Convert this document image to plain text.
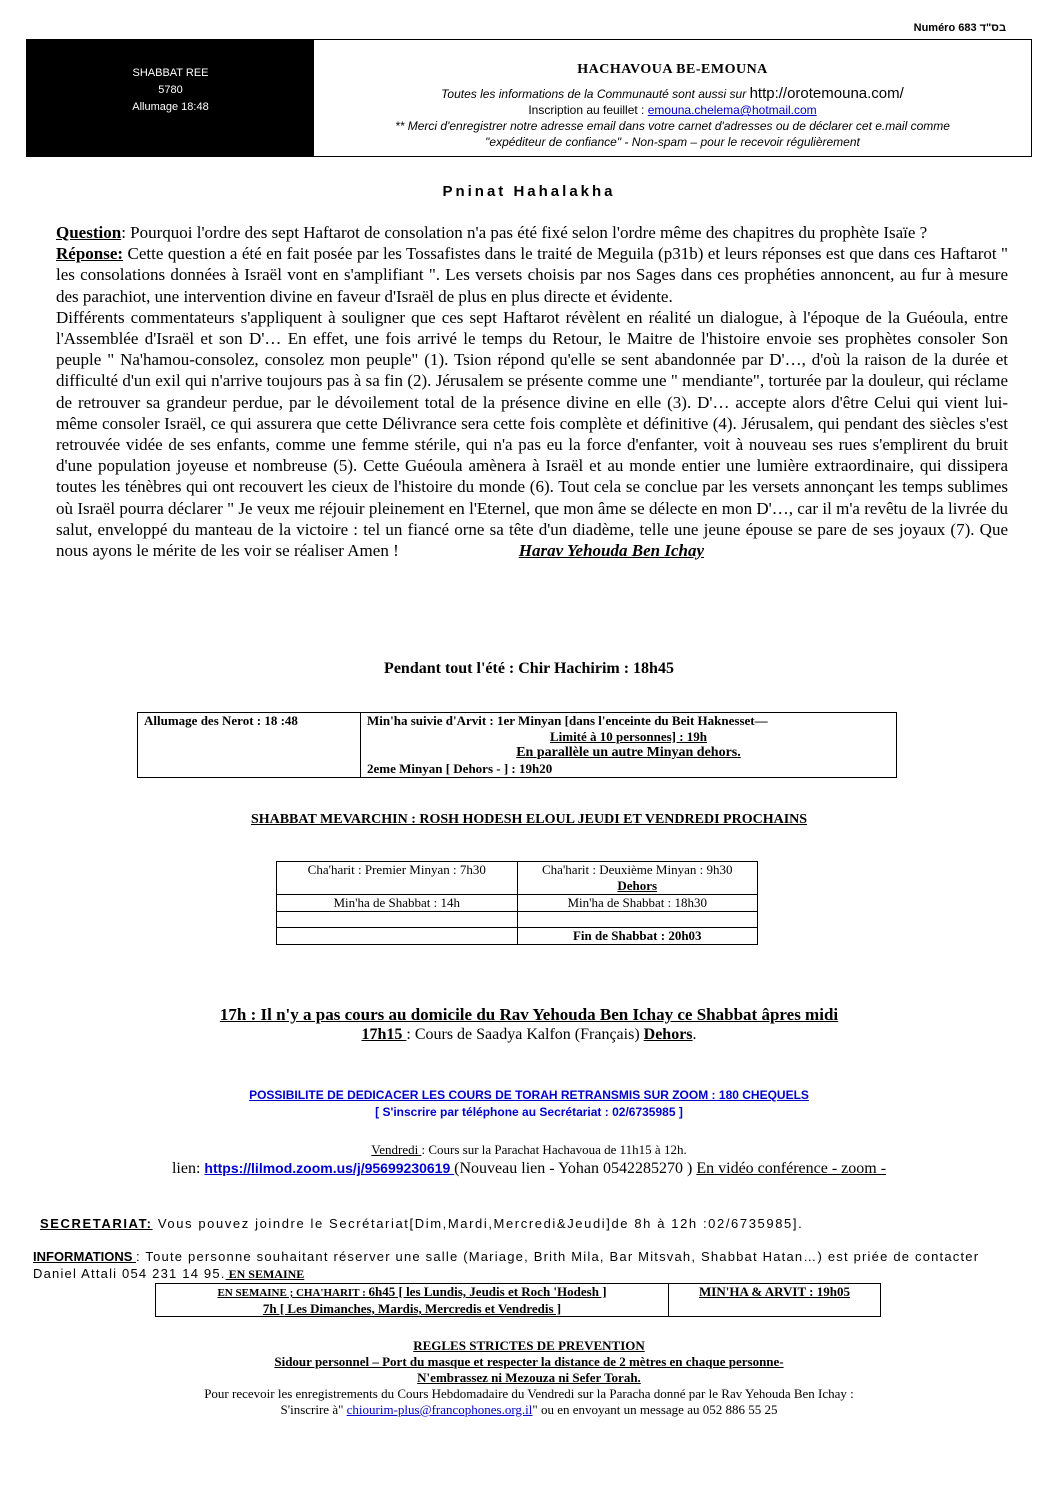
Numéro 683 בס"ד
SHABBAT REE
5780
Allumage 18:48
HACHAVOUA BE-EMOUNA
Toutes les informations de la Communauté sont aussi sur http://orotemouna.com/
Inscription au feuillet : emouna.chelema@hotmail.com
** Merci d'enregistrer notre adresse email dans votre carnet d'adresses ou de déclarer cet e.mail comme
"expéditeur de confiance" - Non-spam – pour le recevoir régulièrement
Pninat Hahalakha

Question: Pourquoi l'ordre des sept Haftarot de consolation n'a pas été fixé selon l'ordre même des chapitres du prophète Isaïe ?

Réponse: Cette question a été en fait posée par les Tossafistes dans le traité de Meguila (p31b) et leurs réponses est que dans ces Haftarot " les consolations données à Israël vont en s'amplifiant ". Les versets choisis par nos Sages dans ces prophéties annoncent, au fur à mesure des parachiot, une intervention divine en faveur d'Israël de plus en plus directe et évidente.

Différents commentateurs s'appliquent à souligner que ces sept Haftarot révèlent en réalité un dialogue, à l'époque de la Guéoula, entre l'Assemblée d'Israël et son D'… En effet, une fois arrivé le temps du Retour, le Maitre de l'histoire envoie ses prophètes consoler Son peuple " Na'hamou-consolez, consolez mon peuple" (1). Tsion répond qu'elle se sent abandonnée par D'…, d'où la raison de la durée et difficulté d'un exil qui n'arrive toujours pas à sa fin (2). Jérusalem se présente comme une " mendiante", torturée par la douleur, qui réclame de retrouver sa grandeur perdue, par le dévoilement total de la présence divine en elle (3). D'… accepte alors d'être Celui qui vient lui-même consoler Israël, ce qui assurera que cette Délivrance sera cette fois complète et définitive (4). Jérusalem, qui pendant des siècles s'est retrouvée vidée de ses enfants, comme une femme stérile, qui n'a pas eu la force d'enfanter, voit à nouveau ses rues s'emplirent du bruit d'une population joyeuse et nombreuse (5). Cette Guéoula amènera à Israël et au monde entier une lumière extraordinaire, qui dissipera toutes les ténèbres qui ont recouvert les cieux de l'histoire du monde (6). Tout cela se conclue par les versets annonçant les temps sublimes où Israël pourra déclarer " Je veux me réjouir pleinement en l'Eternel, que mon âme se délecte en mon D'…, car il m'a revêtu de la livrée du salut, enveloppé du manteau de la victoire : tel un fiancé orne sa tête d'un diadème, telle une jeune épouse se pare de ses joyaux (7). Que nous ayons le mérite de les voir se réaliser Amen !	Harav Yehouda Ben Ichay

Pendant tout l'été : Chir Hachirim : 18h45
Allumage des Nerot : 18 :48	Min'ha suivie d'Arvit : 1er Minyan [dans l'enceinte du Beit Haknesset—
Limité à 10 personnes] : 19h
En parallèle un autre Minyan dehors.
2eme Minyan [ Dehors - ] : 19h20
SHABBAT MEVARCHIN : ROSH HODESH ELOUL JEUDI ET VENDREDI PROCHAINS
Cha'harit : Premier Minyan : 7h30	Cha'harit : Deuxième Minyan : 9h30
Dehors

Min'ha de Shabbat : 14h	Min'ha de Shabbat : 18h30

	Fin de Shabbat : 20h03
17h : Il n'y a pas cours au domicile du Rav Yehouda Ben Ichay ce Shabbat âpres midi
17h15 : Cours de Saadya Kalfon (Français) Dehors.
POSSIBILITE DE DEDICACER LES COURS DE TORAH RETRANSMIS SUR ZOOM : 180 CHEQUELS
[ S'inscrire par téléphone au Secrétariat : 02/6735985 ]
Vendredi : Cours sur la Parachat Hachavoua de 11h15 à 12h.
lien: https://lilmod.zoom.us/j/95699230619 (Nouveau lien - Yohan 0542285270 ) En vidéo conférence - zoom -
SECRETARIAT: Vous pouvez joindre le Secrétariat[Dim,Mardi,Mercredi&Jeudi]de 8h à 12h :02/6735985].
INFORMATIONS : Toute personne souhaitant réserver une salle (Mariage, Brith Mila, Bar Mitsvah, Shabbat Hatan…) est priée de contacter Daniel Attali 054 231 14 95. EN SEMAINE
EN SEMAINE ; CHA'HARIT : 6h45 [ les Lundis, Jeudis et Roch 'Hodesh ]
7h [ Les Dimanches, Mardis, Mercredis et Vendredis ]
	MIN'HA & ARVIT : 19h05
REGLES STRICTES DE PREVENTION
Sidour personnel – Port du masque et respecter la distance de 2 mètres en chaque personne-
N'embrassez ni Mezouza ni Sefer Torah.
Pour recevoir les enregistrements du Cours Hebdomadaire du Vendredi sur la Paracha donné par le Rav Yehouda Ben Ichay :
S'inscrire à" chiourim-plus@francophones.org.il" ou en envoyant un message au 052 886 55 25
